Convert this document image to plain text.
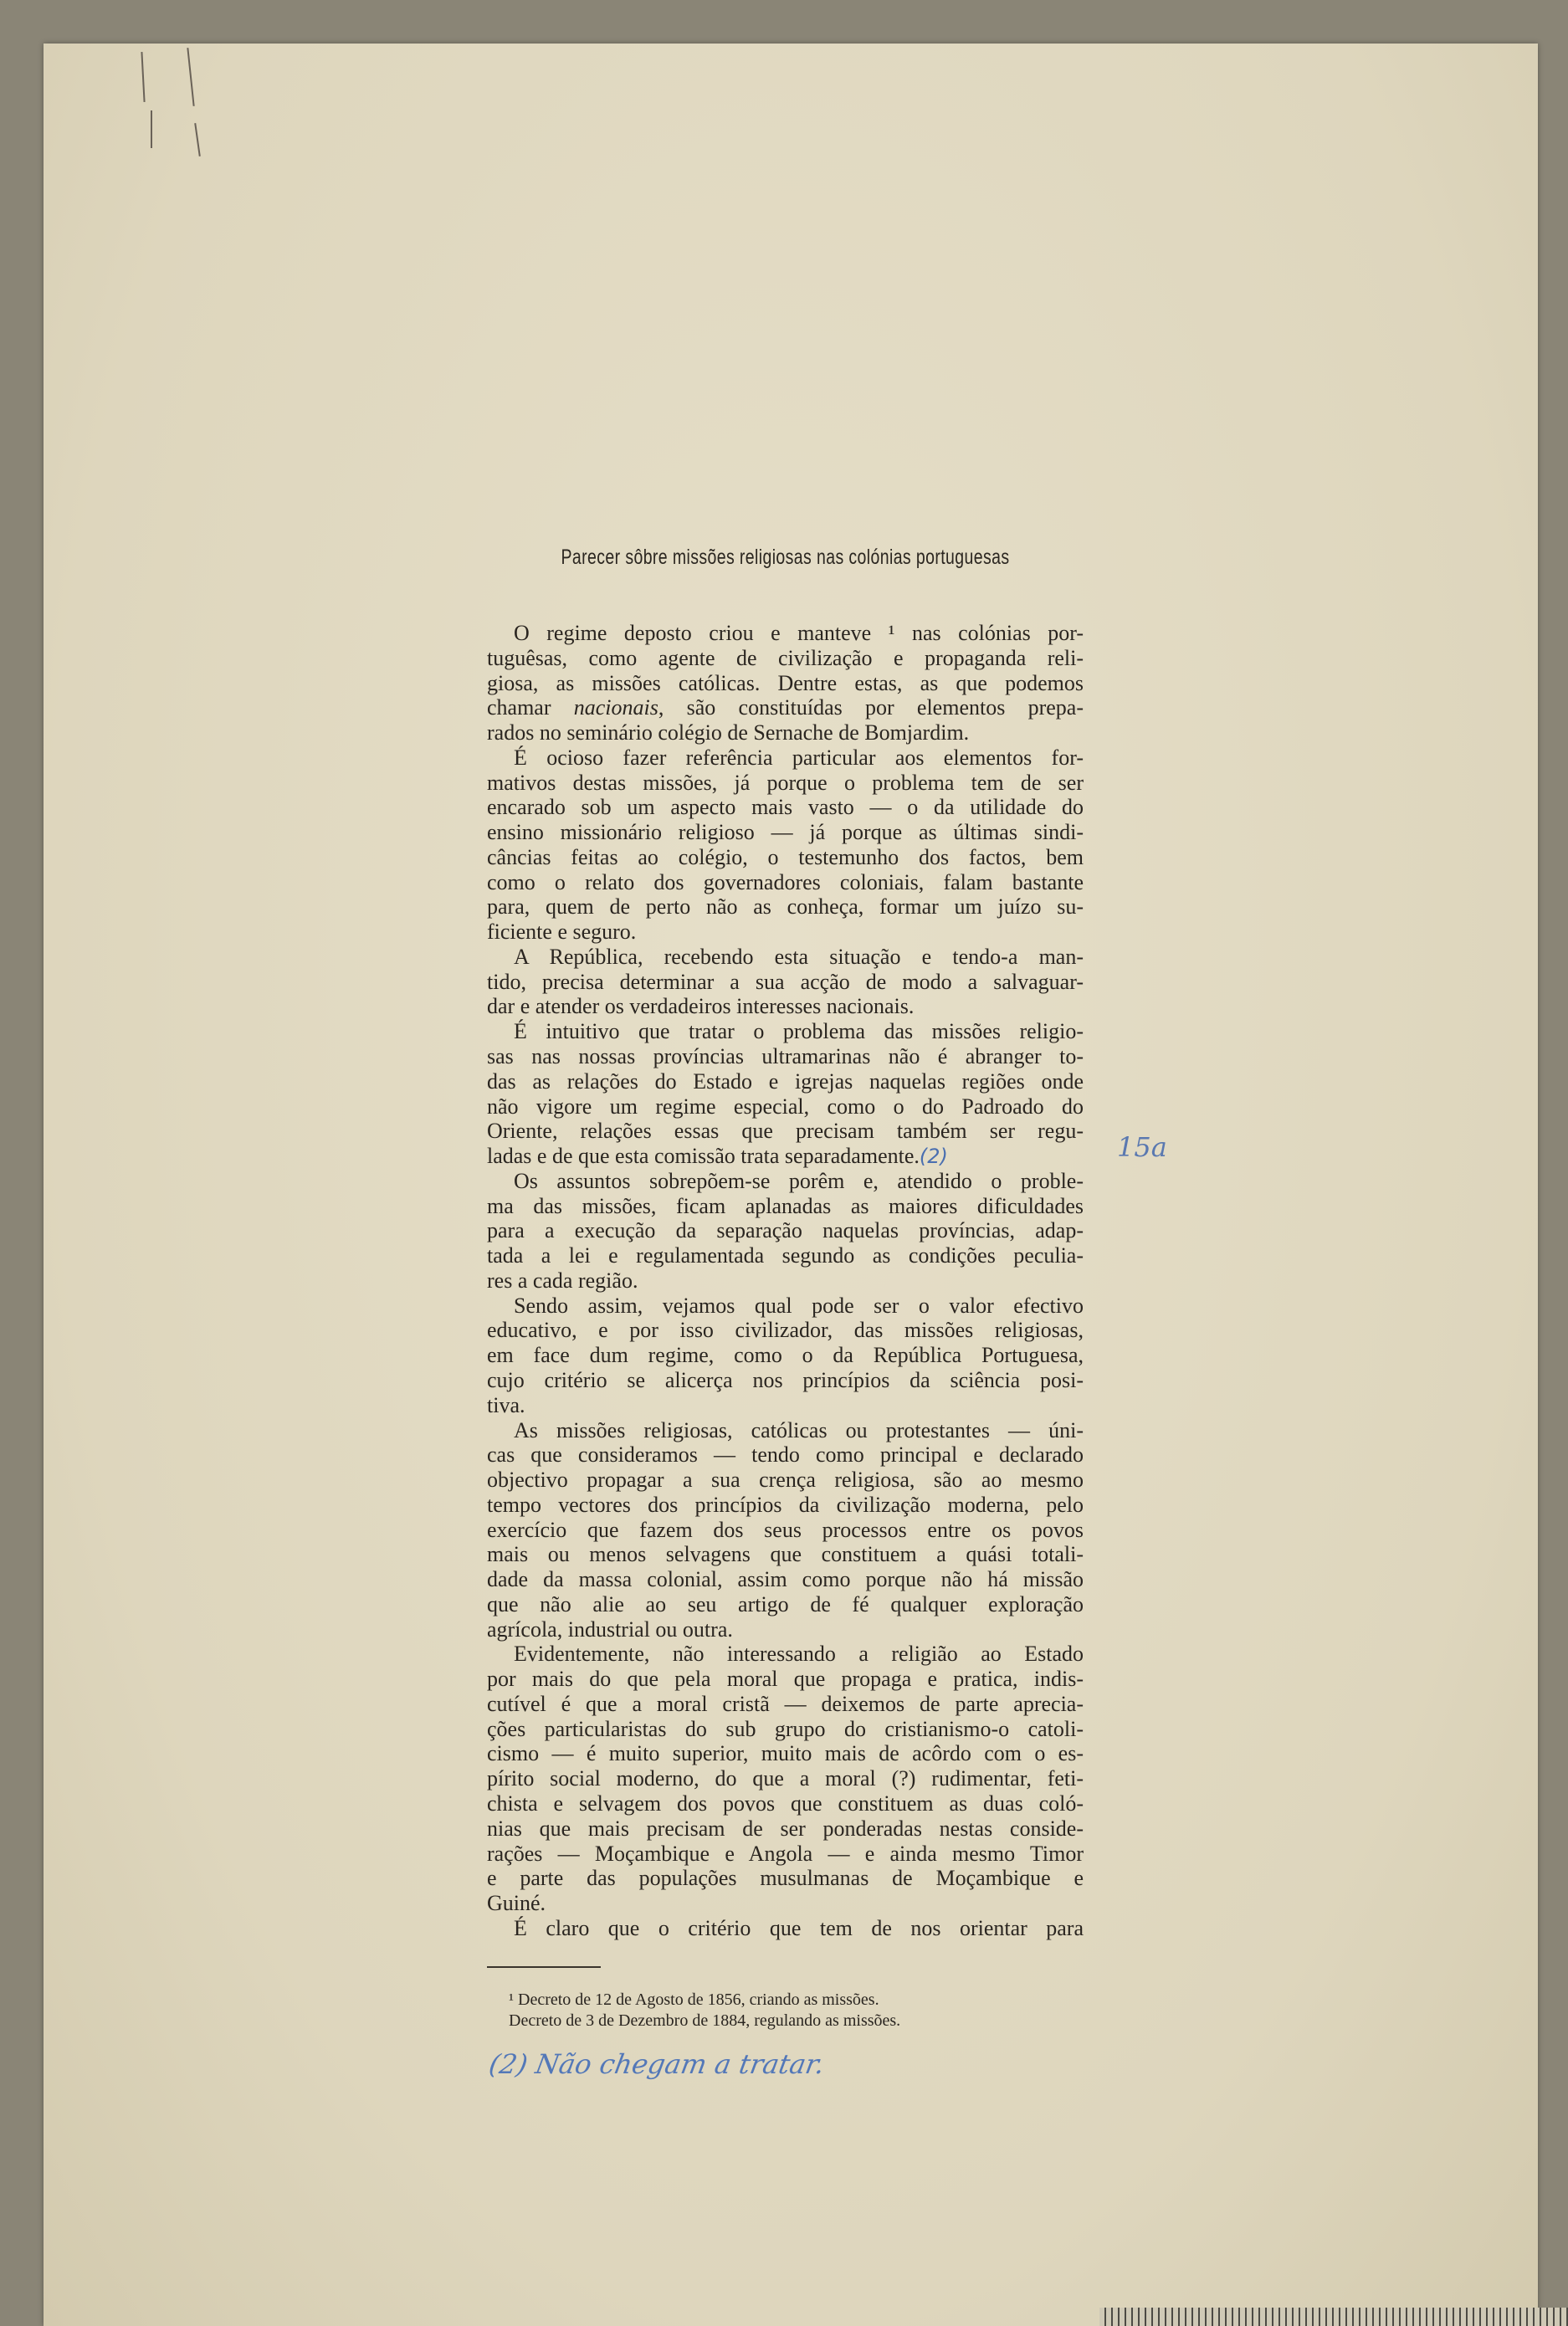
Parecer sôbre missões religiosas nas colónias portuguesas
O regime deposto criou e manteve ¹ nas colónias por-
tuguêsas, como agente de civilização e propaganda reli-
giosa, as missões católicas. Dentre estas, as que podemos
chamar nacionais, são constituídas por elementos prepa-
rados no seminário colégio de Sernache de Bomjardim.
É ocioso fazer referência particular aos elementos for-
mativos destas missões, já porque o problema tem de ser
encarado sob um aspecto mais vasto — o da utilidade do
ensino missionário religioso — já porque as últimas sindi-
câncias feitas ao colégio, o testemunho dos factos, bem
como o relato dos governadores coloniais, falam bastante
para, quem de perto não as conheça, formar um juízo su-
ficiente e seguro.
A República, recebendo esta situação e tendo-a man-
tido, precisa determinar a sua acção de modo a salvaguar-
dar e atender os verdadeiros interesses nacionais.
É intuitivo que tratar o problema das missões religio-
sas nas nossas províncias ultramarinas não é abranger to-
das as relações do Estado e igrejas naquelas regiões onde
não vigore um regime especial, como o do Padroado do
Oriente, relações essas que precisam também ser regu-
ladas e de que esta comissão trata separadamente.(2)
Os assuntos sobrepõem-se porêm e, atendido o proble-
ma das missões, ficam aplanadas as maiores dificuldades
para a execução da separação naquelas províncias, adap-
tada a lei e regulamentada segundo as condições peculia-
res a cada região.
Sendo assim, vejamos qual pode ser o valor efectivo
educativo, e por isso civilizador, das missões religiosas,
em face dum regime, como o da República Portuguesa,
cujo critério se alicerça nos princípios da sciência posi-
tiva.
As missões religiosas, católicas ou protestantes — úni-
cas que consideramos — tendo como principal e declarado
objectivo propagar a sua crença religiosa, são ao mesmo
tempo vectores dos princípios da civilização moderna, pelo
exercício que fazem dos seus processos entre os povos
mais ou menos selvagens que constituem a quási totali-
dade da massa colonial, assim como porque não há missão
que não alie ao seu artigo de fé qualquer exploração
agrícola, industrial ou outra.
Evidentemente, não interessando a religião ao Estado
por mais do que pela moral que propaga e pratica, indis-
cutível é que a moral cristã — deixemos de parte aprecia-
ções particularistas do sub grupo do cristianismo-o catoli-
cismo — é muito superior, muito mais de acôrdo com o es-
pírito social moderno, do que a moral (?) rudimentar, feti-
chista e selvagem dos povos que constituem as duas coló-
nias que mais precisam de ser ponderadas nestas conside-
rações — Moçambique e Angola — e ainda mesmo Timor
e parte das populações musulmanas de Moçambique e
Guiné.
É claro que o critério que tem de nos orientar para
15a
¹ Decreto de 12 de Agosto de 1856, criando as missões.
Decreto de 3 de Dezembro de 1884, regulando as missões.
(2) Não chegam a tratar.
